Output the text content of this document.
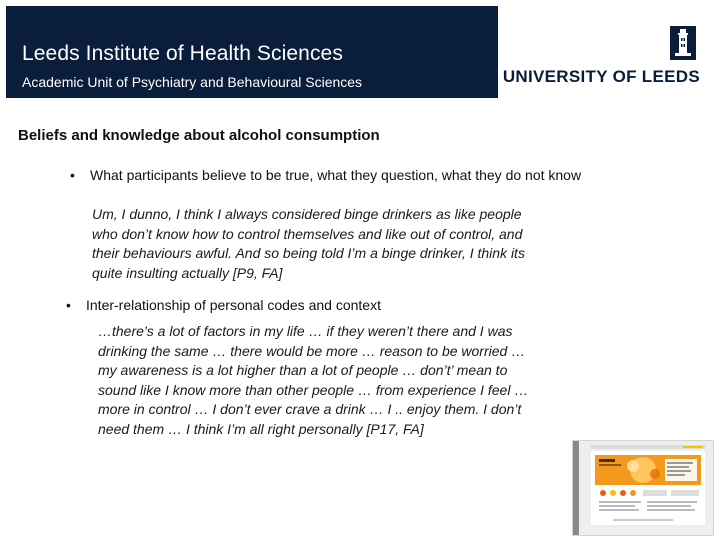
Leeds Institute of Health Sciences
Academic Unit of Psychiatry and Behavioural Sciences	UNIVERSITY OF LEEDS
Beliefs and knowledge about alcohol consumption
• What participants believe to be true, what they question, what they do not know
Um, I dunno, I think I always considered binge drinkers as like people
who don’t know how to control themselves and like out of control, and
their behaviours awful. And so being told I’m a binge drinker, I think its
quite insulting actually [P9, FA]
• Inter-relationship of personal codes and context
…there’s a lot of factors in my life … if they weren’t there and I was
drinking the same … there would be more … reason to be worried …
my awareness is a lot higher than a lot of people … don’t’ mean to
sound like I know more than other people … from experience I feel …
more in control … I don’t ever crave a drink … I .. enjoy them. I don’t
need them … I think I’m all right personally [P17, FA]
